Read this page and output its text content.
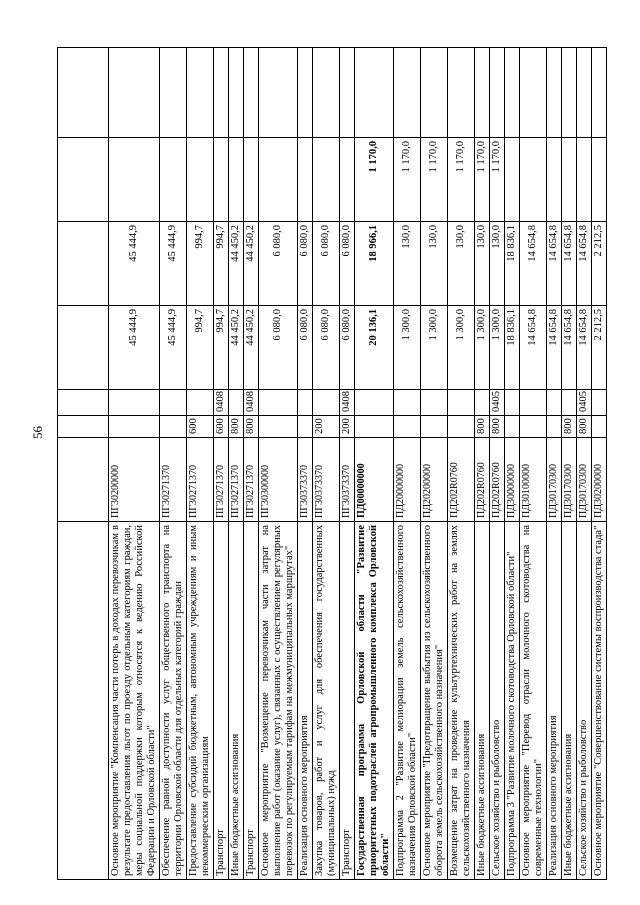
56

Основное мероприятие "Компенсация части потерь в доходах перевозчикам в результате предоставления льгот по проезду отдельным категориям граждан, меры социальной поддержки которым относятся к ведению Российской Федерации и Орловской области"	ПГ30200000			45 444,9	45 444,9		
Обеспечение равной доступности услуг общественного транспорта на территории Орловской области для отдельных категорий граждан	ПГ30271370			45 444,9	45 444,9		
Предоставление субсидий бюджетным, автономным учреждениям и иным некоммерческим организациям	ПГ30271370	600		994,7	994,7		
Транспорт	ПГ30271370	600	0408	994,7	994,7		
Иные бюджетные ассигнования	ПГ30271370	800		44 450,2	44 450,2		
Транспорт	ПГ30271370	800	0408	44 450,2	44 450,2		
Основное мероприятие "Возмещение перевозчикам части затрат на выполнение работ (оказание услуг), связанных с осуществлением регулярных перевозок по регулируемым тарифам на межмуниципальных маршрутах"	ПГ30300000			6 080,0	6 080,0		
Реализация основного мероприятия	ПГ30373370			6 080,0	6 080,0		
Закупка товаров, работ и услуг для обеспечения государственных (муниципальных) нужд	ПГ30373370	200		6 080,0	6 080,0		
Транспорт	ПГ30373370	200	0408	6 080,0	6 080,0		
Государственная программа Орловской области "Развитие приоритетных подотраслей агропромышленного комплекса Орловской области"	ПД00000000			20 136,1	18 966,1	1 170,0	
Подпрограмма 2 "Развитие мелиорации земель сельскохозяйственного назначения Орловской области"	ПД20000000			1 300,0	130,0	1 170,0	
Основное мероприятие "Предотвращение выбытия из сельскохозяйственного оборота земель сельскохозяйственного назначения"	ПД20200000			1 300,0	130,0	1 170,0	
Возмещение затрат на проведение культуртехнических работ на землях сельскохозяйственного назначения	ПД202R0760			1 300,0	130,0	1 170,0	
Иные бюджетные ассигнования	ПД202R0760	800		1 300,0	130,0	1 170,0	
Сельское хозяйство и рыболовство	ПД202R0760	800	0405	1 300,0	130,0	1 170,0	
Подпрограмма 3 "Развитие молочного скотоводства Орловской области"	ПД30000000			18 836,1	18 836,1		
Основное мероприятие "Перевод отрасли молочного скотоводства на современные технологии"	ПД30100000			14 654,8	14 654,8		
Реализация основного мероприятия	ПД30170300			14 654,8	14 654,8		
Иные бюджетные ассигнования	ПД30170300	800		14 654,8	14 654,8		
Сельское хозяйство и рыболовство	ПД30170300	800	0405	14 654,8	14 654,8		
Основное мероприятие "Совершенствование системы воспроизводства стада"	ПД30200000			2 212,5	2 212,5		
